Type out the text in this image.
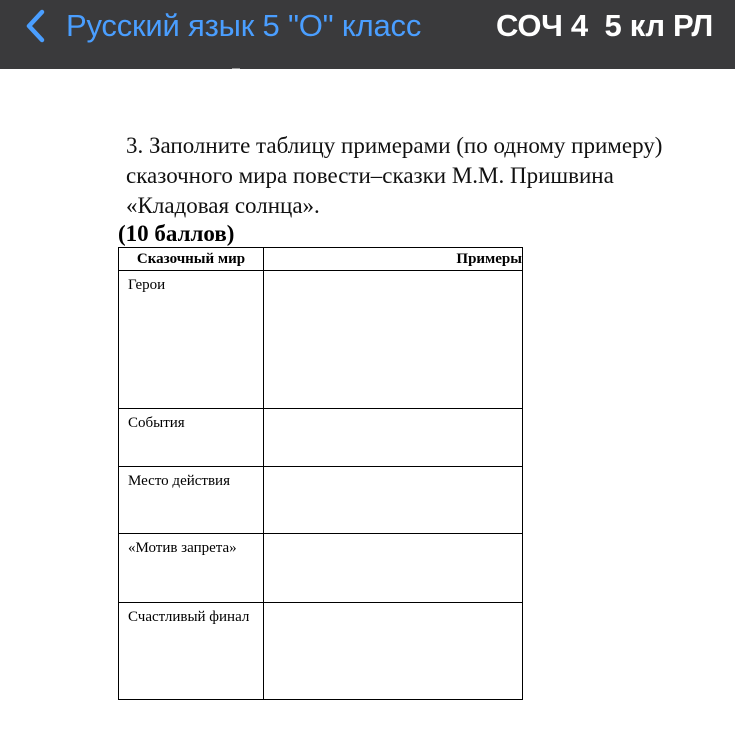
Русский язык 5 "О" класс СОЧ 4  5 кл РЛ
3. Заполните таблицу примерами (по одному примеру)
сказочного мира повести–сказки М.М. Пришвина
«Кладовая солнца».
(10 баллов)
Сказочный мир	Примеры
Герои	
События	
Место действия	
«Мотив запрета»	
Счастливый финал	
